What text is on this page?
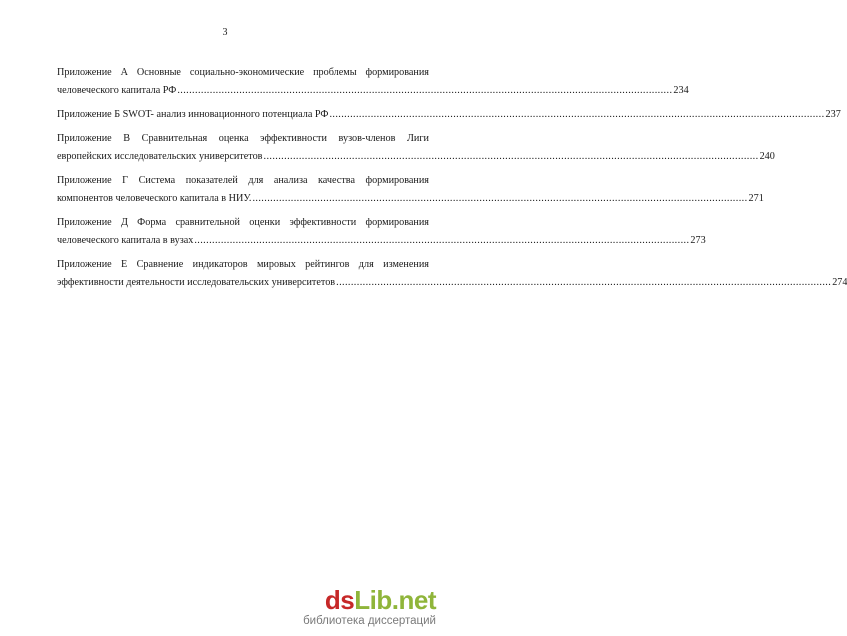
3
Приложение А Основные социально-экономические проблемы формирования
человеческого капитала РФ ........................................................................................................................................................................ 234
Приложение Б SWOT- анализ инновационного потенциала РФ ........................................................................................................................................................................ 237
Приложение В Сравнительная оценка эффективности вузов-членов Лиги
европейских исследовательских университетов ........................................................................................................................................................................ 240
Приложение Г Система показателей для анализа качества формирования
компонентов человеческого капитала в НИУ. ........................................................................................................................................................................ 271
Приложение Д Форма сравнительной оценки эффективности формирования
человеческого капитала в вузах ........................................................................................................................................................................ 273
Приложение Е Сравнение индикаторов мировых рейтингов для изменения
эффективности деятельности исследовательских университетов ........................................................................................................................................................................ 274
dsLib.net
библиотека диссертаций
